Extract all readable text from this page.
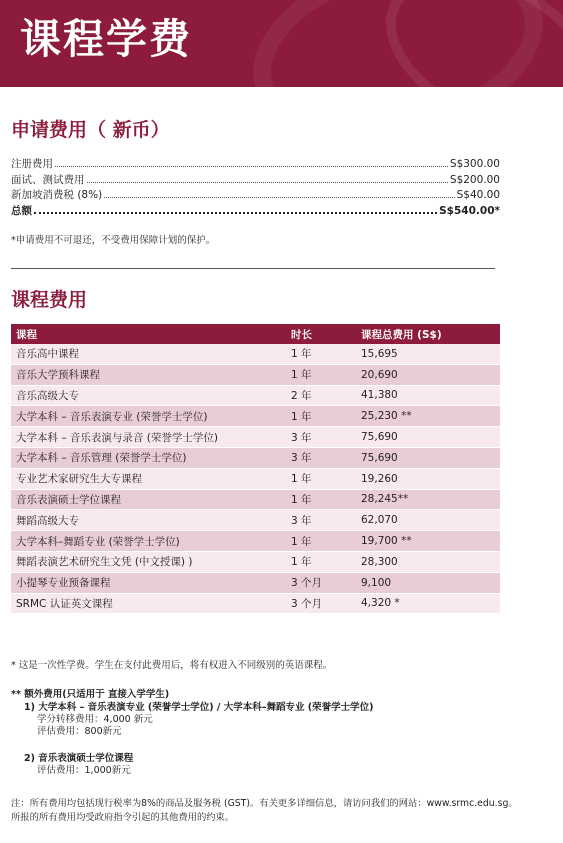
课程学费
申请费用（ 新币）
注册费用	S$300.00
面试、测试费用	S$200.00
新加坡消费税 (8%)	S$40.00
总额	S$540.00*

*申请费用不可退还，不受费用保障计划的保护。

课程费用
课程	时长	课程总费用 (S$)
音乐高中课程	1 年	15,695
音乐大学预科课程	1 年	20,690
音乐高级大专	2 年	41,380
大学本科 – 音乐表演专业 (荣誉学士学位)	1 年	25,230 **
大学本科 – 音乐表演与录音 (荣誉学士学位)	3 年	75,690
大学本科 – 音乐管理 (荣誉学士学位)	3 年	75,690
专业艺术家研究生大专课程	1 年	19,260
音乐表演硕士学位课程	1 年	28,245**
舞蹈高级大专	3 年	62,070
大学本科–舞蹈专业 (荣誉学士学位)	1 年	19,700 **
舞蹈表演艺术研究生文凭 (中文授课) )	1 年	28,300
小提琴专业预备课程	3 个月	9,100
SRMC 认证英文课程	3 个月	4,320 *

* 这是一次性学费。学生在支付此费用后，将有权进入不同级别的英语课程。

** 额外费用(只适用于 直接入学学生)

1) 大学本科 – 音乐表演专业 (荣誉学士学位) / 大学本科–舞蹈专业 (荣誉学士学位)

学分转移费用：4,000 新元

评估费用：800新元

2) 音乐表演硕士学位课程

评估费用：1,000新元

注：所有费用均包括现行税率为8%的商品及服务税 (GST)。有关更多详细信息，请访问我们的网站：www.srmc.edu.sg。

所报的所有费用均受政府指令引起的其他费用的约束。
